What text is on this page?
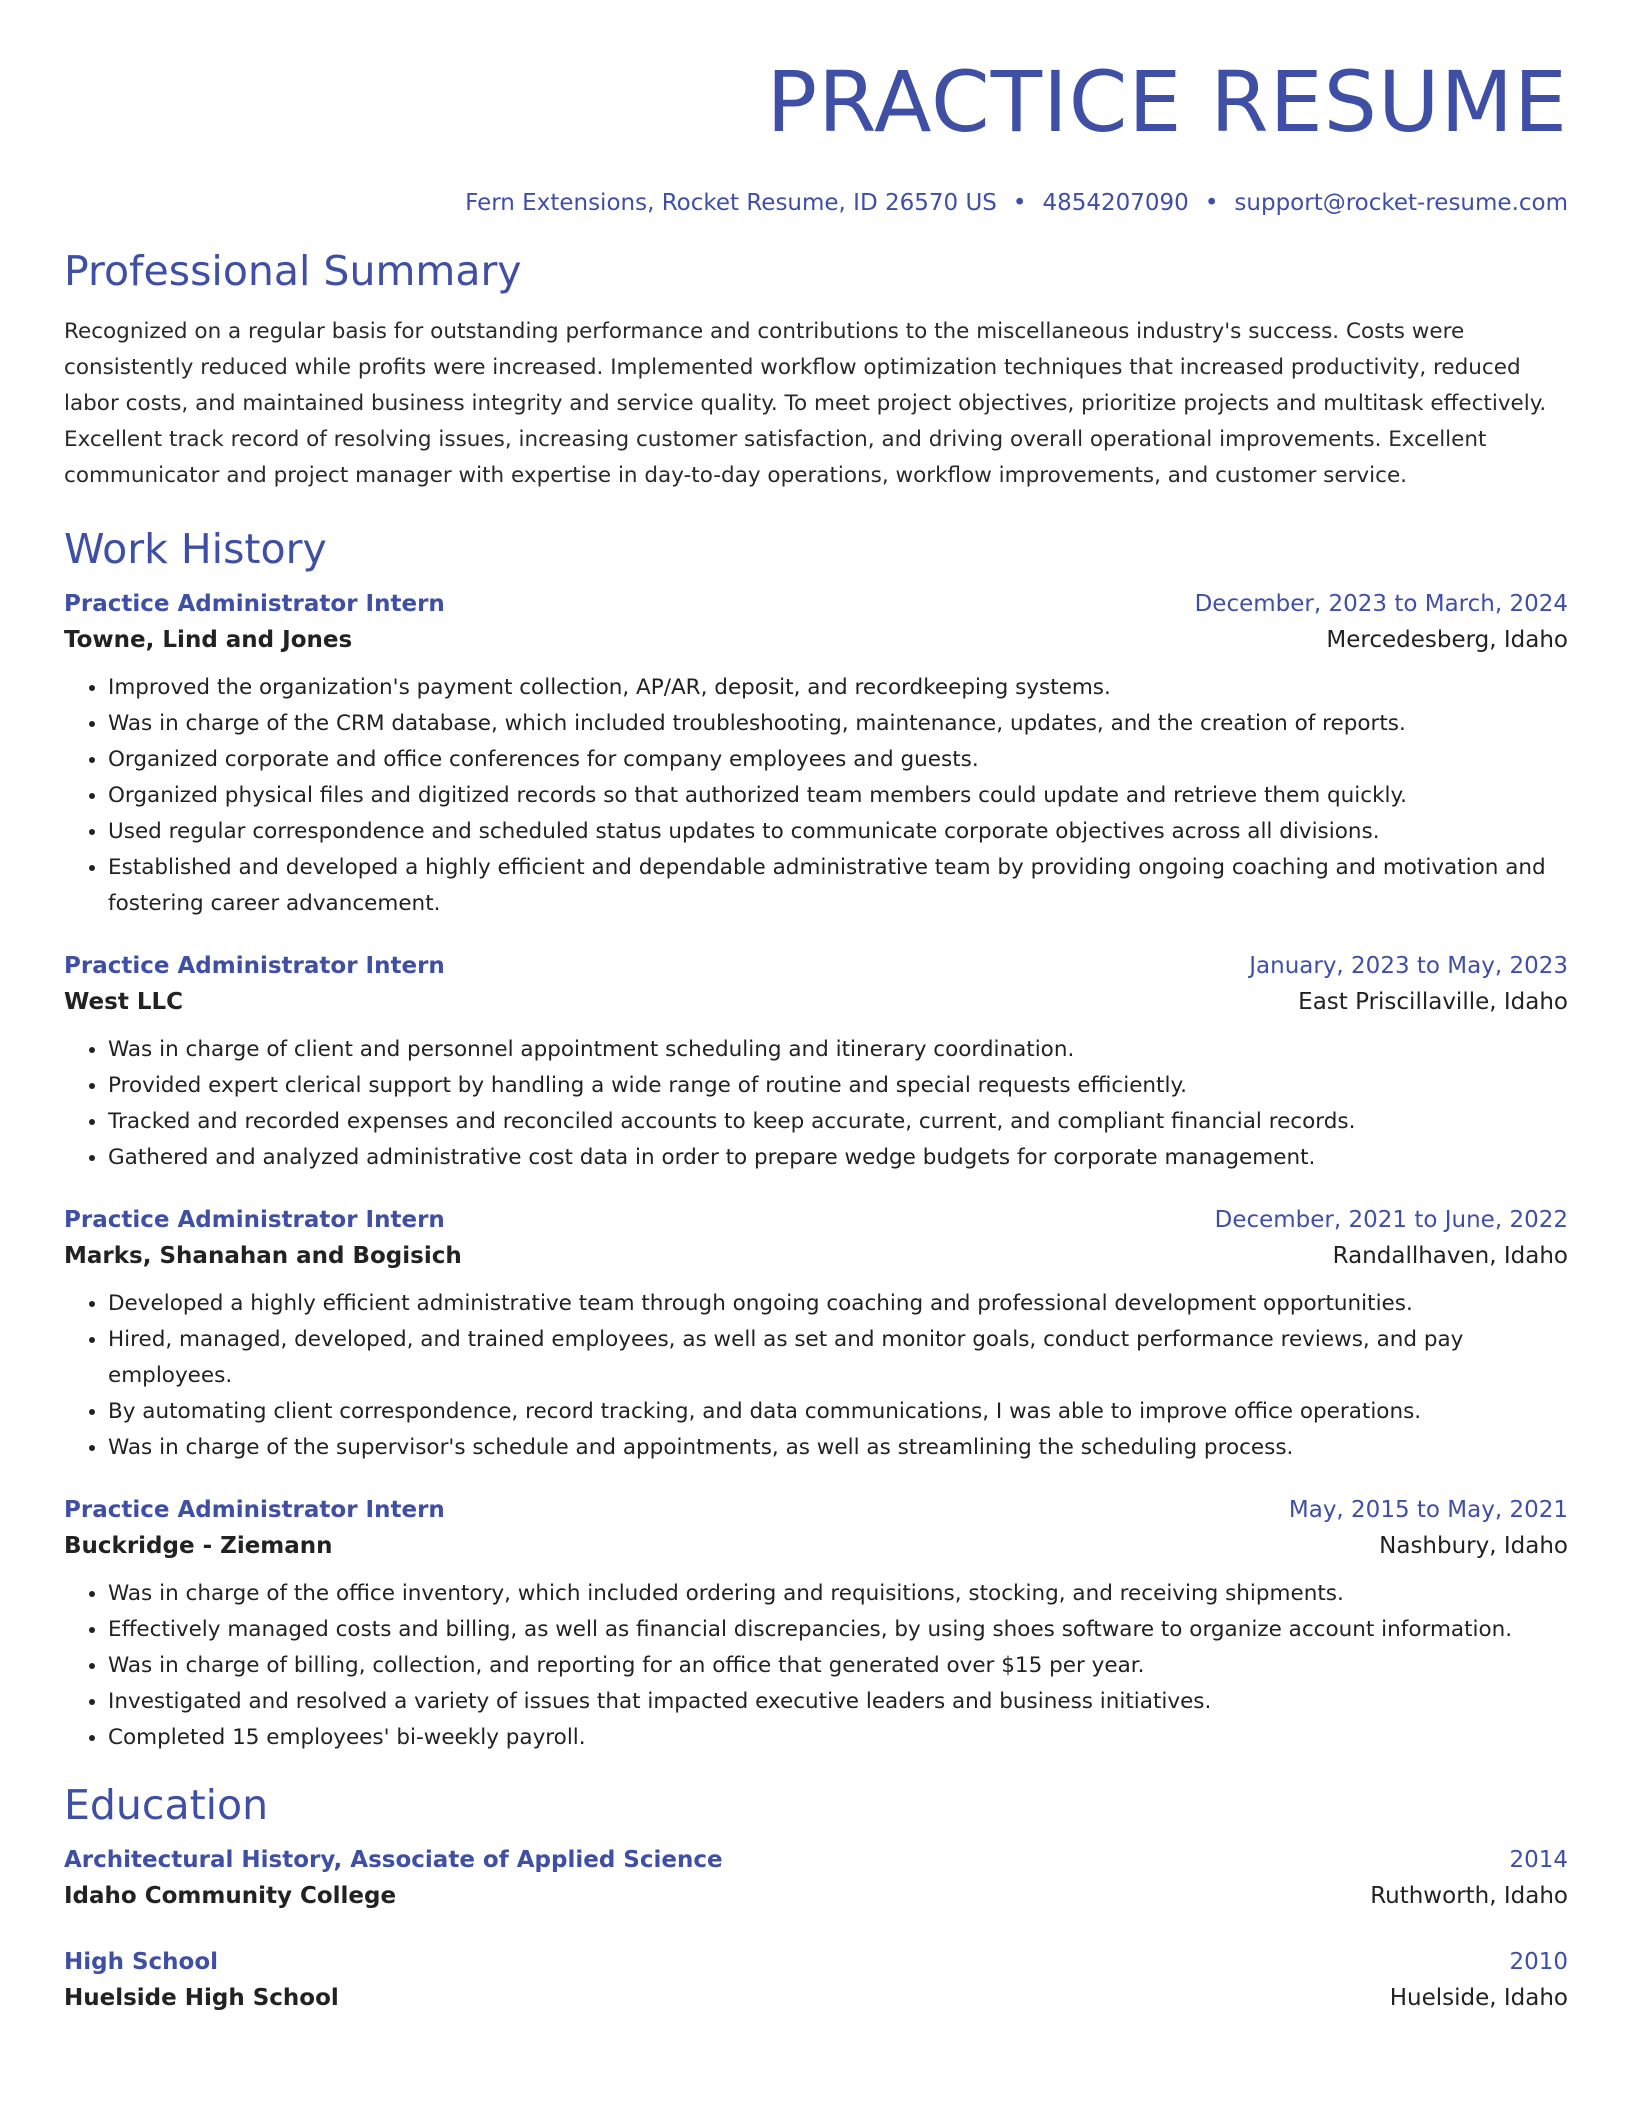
PRACTICE RESUME
Fern Extensions, Rocket Resume, ID 26570 US • 4854207090 • support@rocket-resume.com
Professional Summary

Recognized on a regular basis for outstanding performance and contributions to the miscellaneous industry's success. Costs were consistently reduced while profits were increased. Implemented workflow optimization techniques that increased productivity, reduced labor costs, and maintained business integrity and service quality. To meet project objectives, prioritize projects and multitask effectively. Excellent track record of resolving issues, increasing customer satisfaction, and driving overall operational improvements. Excellent communicator and project manager with expertise in day-to-day operations, workflow improvements, and customer service.

Work History
Practice Administrator Intern	December, 2023 to March, 2024
Towne, Lind and Jones	Mercedesberg, Idaho
• Improved the organization's payment collection, AP/AR, deposit, and recordkeeping systems.
• Was in charge of the CRM database, which included troubleshooting, maintenance, updates, and the creation of reports.
• Organized corporate and office conferences for company employees and guests.
• Organized physical files and digitized records so that authorized team members could update and retrieve them quickly.
• Used regular correspondence and scheduled status updates to communicate corporate objectives across all divisions.
• Established and developed a highly efficient and dependable administrative team by providing ongoing coaching and motivation and fostering career advancement.
Practice Administrator Intern	January, 2023 to May, 2023
West LLC	East Priscillaville, Idaho
• Was in charge of client and personnel appointment scheduling and itinerary coordination.
• Provided expert clerical support by handling a wide range of routine and special requests efficiently.
• Tracked and recorded expenses and reconciled accounts to keep accurate, current, and compliant financial records.
• Gathered and analyzed administrative cost data in order to prepare wedge budgets for corporate management.
Practice Administrator Intern	December, 2021 to June, 2022
Marks, Shanahan and Bogisich	Randallhaven, Idaho
• Developed a highly efficient administrative team through ongoing coaching and professional development opportunities.
• Hired, managed, developed, and trained employees, as well as set and monitor goals, conduct performance reviews, and pay employees.
• By automating client correspondence, record tracking, and data communications, I was able to improve office operations.
• Was in charge of the supervisor's schedule and appointments, as well as streamlining the scheduling process.
Practice Administrator Intern	May, 2015 to May, 2021
Buckridge - Ziemann	Nashbury, Idaho
• Was in charge of the office inventory, which included ordering and requisitions, stocking, and receiving shipments.
• Effectively managed costs and billing, as well as financial discrepancies, by using shoes software to organize account information.
• Was in charge of billing, collection, and reporting for an office that generated over $15 per year.
• Investigated and resolved a variety of issues that impacted executive leaders and business initiatives.
• Completed 15 employees' bi-weekly payroll.
Education
Architectural History, Associate of Applied Science	2014
Idaho Community College	Ruthworth, Idaho
High School	2010
Huelside High School	Huelside, Idaho
